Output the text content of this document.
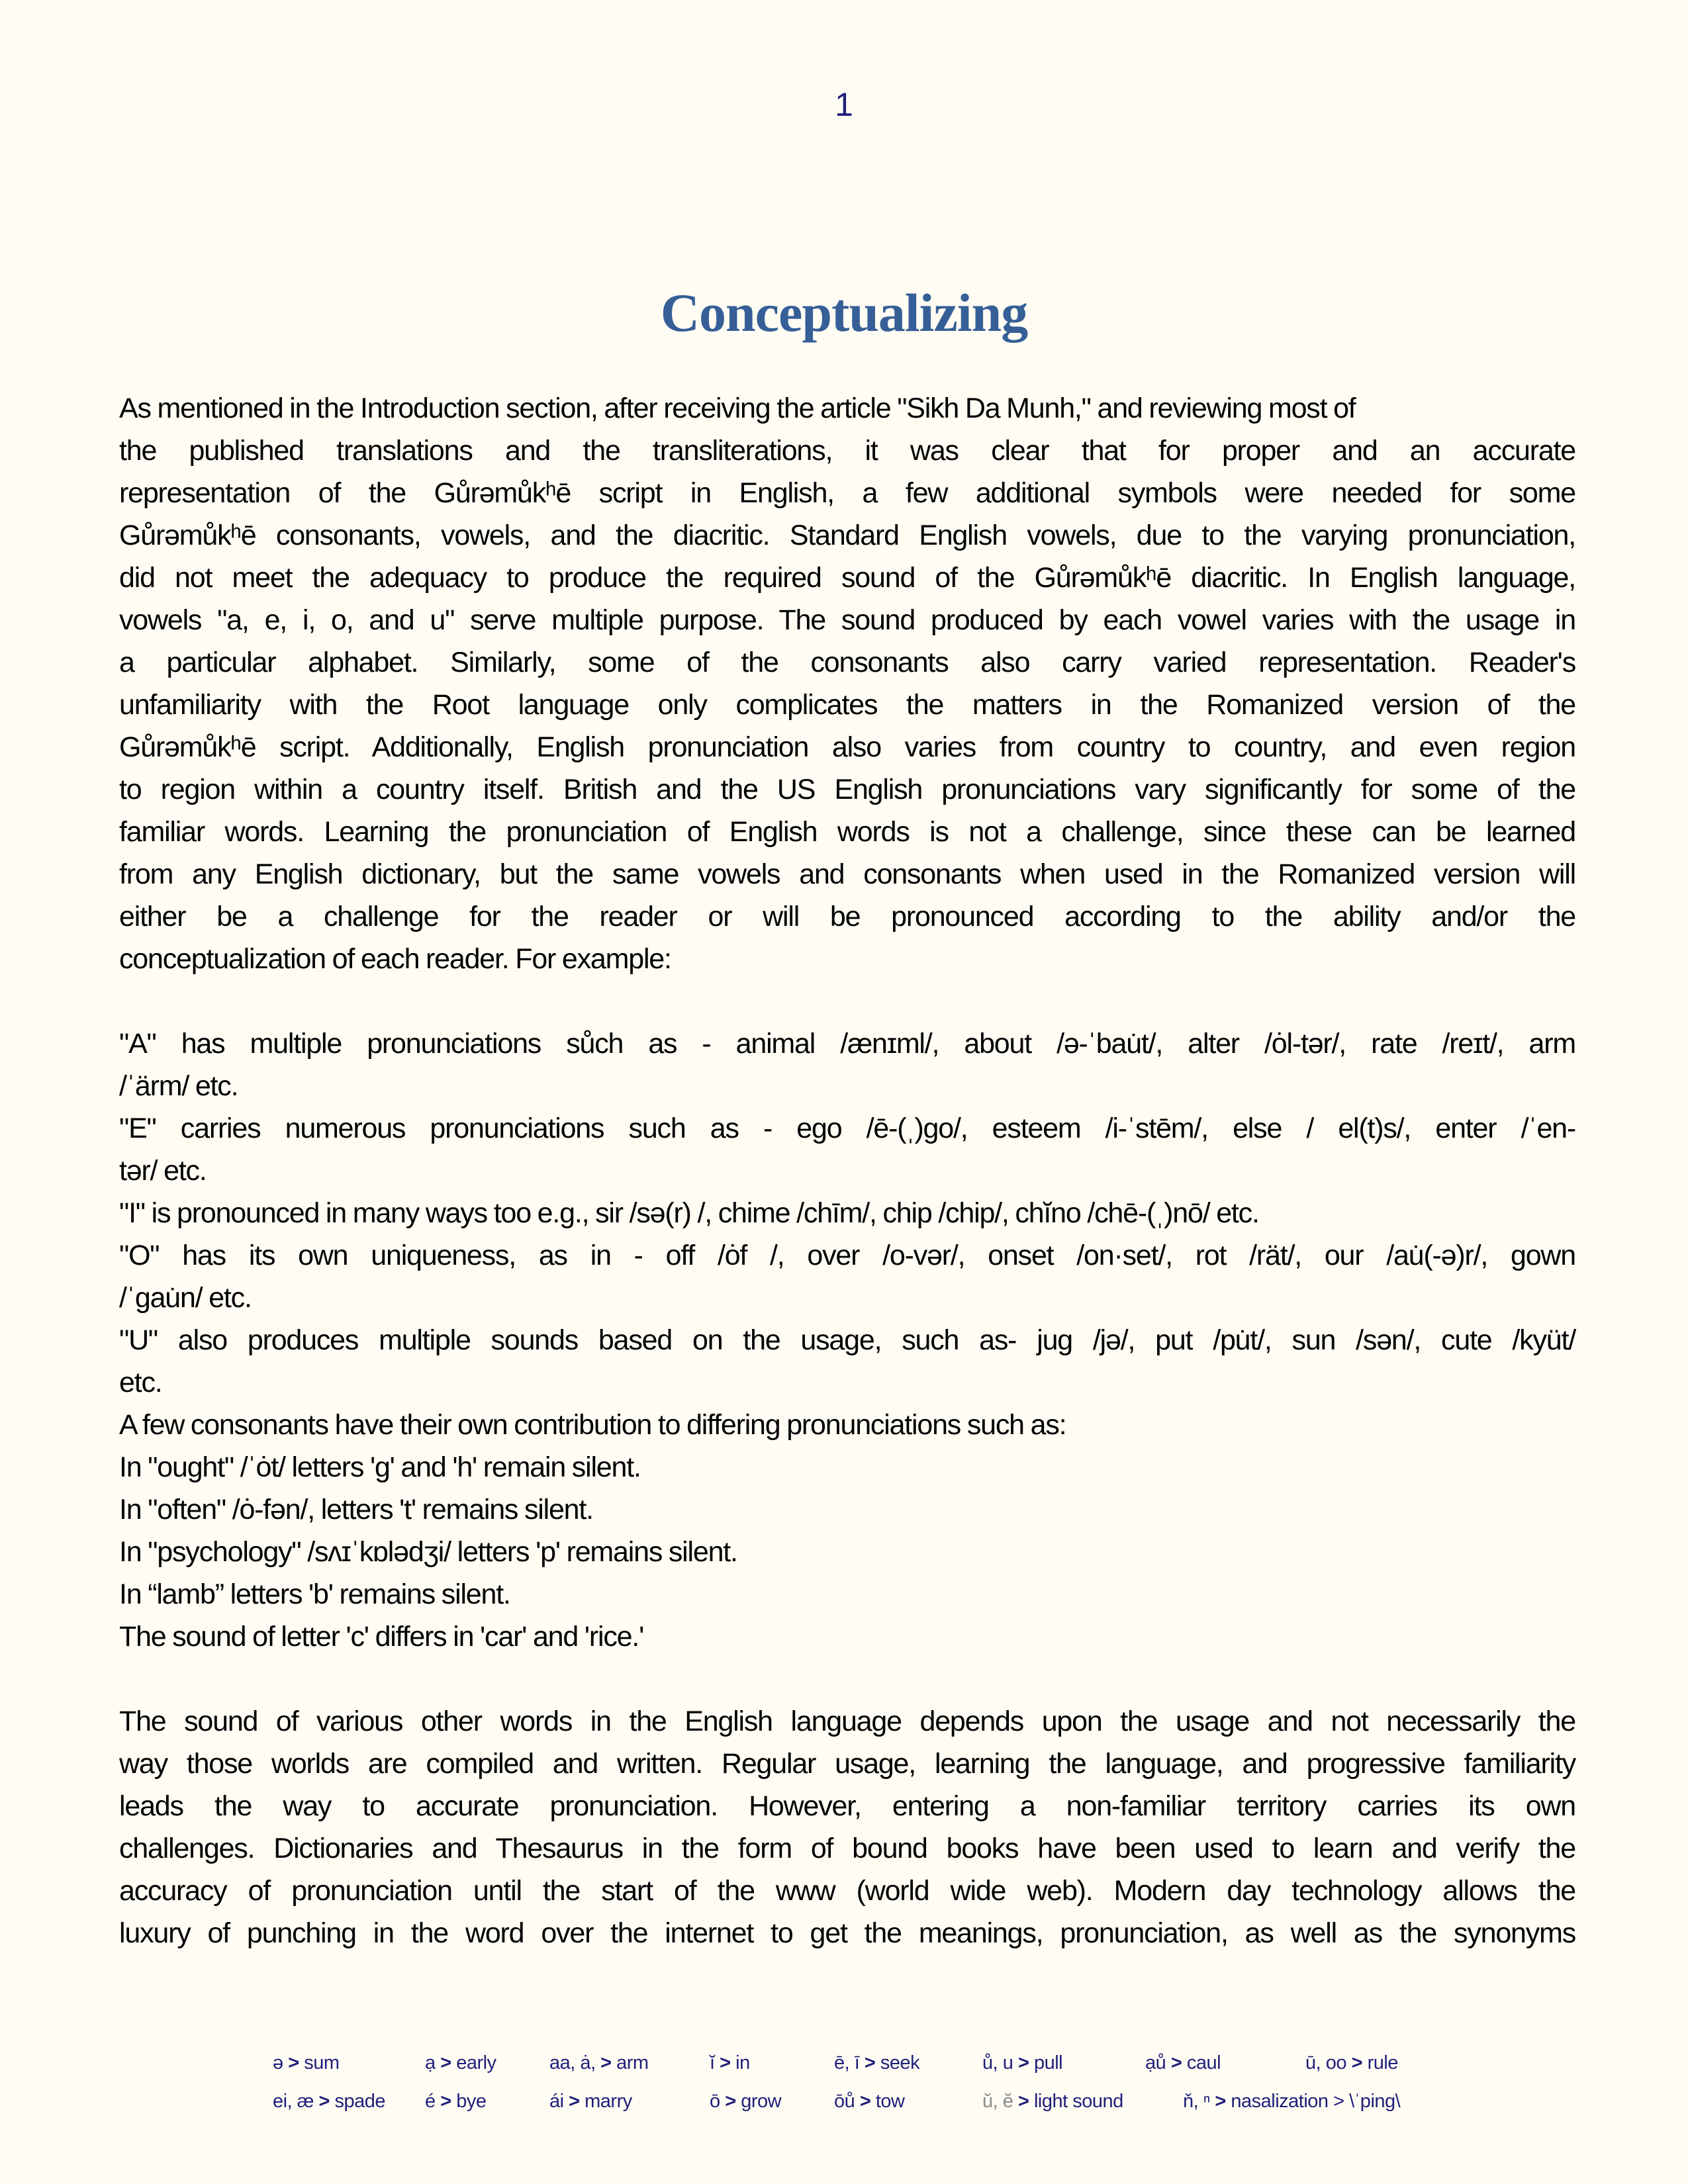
1
Conceptualizing
As mentioned in the Introduction section, after receiving the article "Sikh Da Munh," and reviewing most of
the published translations and the transliterations, it was clear that for proper and an accurate
representation of the Gůrəmůkʰē script in English, a few additional symbols were needed for some
Gůrəmůkʰē consonants, vowels, and the diacritic. Standard English vowels, due to the varying pronunciation,
did not meet the adequacy to produce the required sound of the Gůrəmůkʰē diacritic. In English language,
vowels "a, e, i, o, and u" serve multiple purpose. The sound produced by each vowel varies with the usage in
a particular alphabet. Similarly, some of the consonants also carry varied representation. Reader's
unfamiliarity with the Root language only complicates the matters in the Romanized version of the
Gůrəmůkʰē script. Additionally, English pronunciation also varies from country to country, and even region
to region within a country itself. British and the US English pronunciations vary significantly for some of the
familiar words. Learning the pronunciation of English words is not a challenge, since these can be learned
from any English dictionary, but the same vowels and consonants when used in the Romanized version will
either be a challenge for the reader or will be pronounced according to the ability and/or the
conceptualization of each reader. For example:
"A" has multiple pronunciations sůch as - animal /ænɪml/, about /ə-ˈbau̇t/, alter /ȯl-tər/, rate /reɪt/, arm
/ˈärm/ etc.
"E" carries numerous pronunciations such as - ego /ē-(ˌ)go/, esteem /i-ˈstēm/, else / el(t)s/, enter /ˈen-
tər/ etc.
"I" is pronounced in many ways too e.g., sir /sə(r) /, chime /chīm/, chip /chip/, chĭno /chē-(ˌ)nō/ etc.
"O" has its own uniqueness, as in - off /ȯf /, over /o-vər/, onset /on·set/, rot /rät/, our /au̇(-ə)r/, gown
/ˈgau̇n/ etc.
"U" also produces multiple sounds based on the usage, such as- jug /jə/, put /pu̇t/, sun /sən/, cute /kyüt/
etc.
A few consonants have their own contribution to differing pronunciations such as:
In "ought" /ˈȯt/ letters 'g' and 'h' remain silent.
In "often" /ȯ-fən/, letters 't' remains silent.
In "psychology" /sʌɪˈkɒlədʒi/ letters 'p' remains silent.
In “lamb” letters 'b' remains silent.
The sound of letter 'c' differs in 'car' and 'rice.'
The sound of various other words in the English language depends upon the usage and not necessarily the
way those worlds are compiled and written. Regular usage, learning the language, and progressive familiarity
leads the way to accurate pronunciation. However, entering a non-familiar territory carries its own
challenges. Dictionaries and Thesaurus in the form of bound books have been used to learn and verify the
accuracy of pronunciation until the start of the www (world wide web). Modern day technology allows the
luxury of punching in the word over the internet to get the meanings, pronunciation, as well as the synonyms
ə > sum	ạ > early	aa, ȧ, > arm	ĭ > in	ē, ī > seek	ů, u > pull	ạů > caul	ū, oo > rule
ei, æ > spade é > bye	ái > marry	ō > grow	ōů > tow	ŭ, ĕ > light sound	ň, ⁿ > nasalization > \ˈping\
